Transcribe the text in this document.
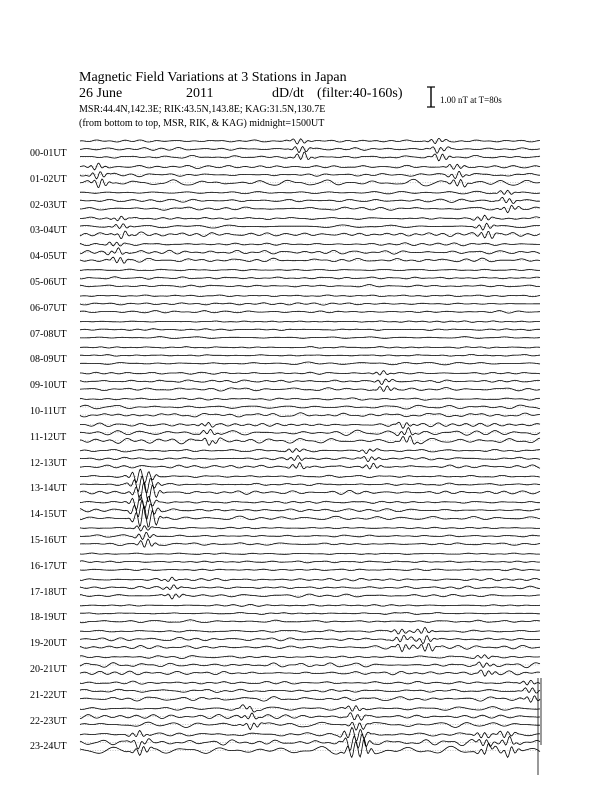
Magnetic Field Variations at 3 Stations in Japan
26 June	2011	dD/dt (filter:40-160s)
MSR:44.4N,142.3E; RIK:43.5N,143.8E; KAG:31.5N,130.7E
(from bottom to top, MSR, RIK, & KAG) midnight=1500UT
1.00 nT at T=80s
00-01UT
01-02UT
02-03UT
03-04UT
04-05UT
05-06UT
06-07UT
07-08UT
08-09UT
09-10UT
10-11UT
11-12UT
12-13UT
13-14UT
14-15UT
15-16UT
16-17UT
17-18UT
18-19UT
19-20UT
20-21UT
21-22UT
22-23UT
23-24UT
